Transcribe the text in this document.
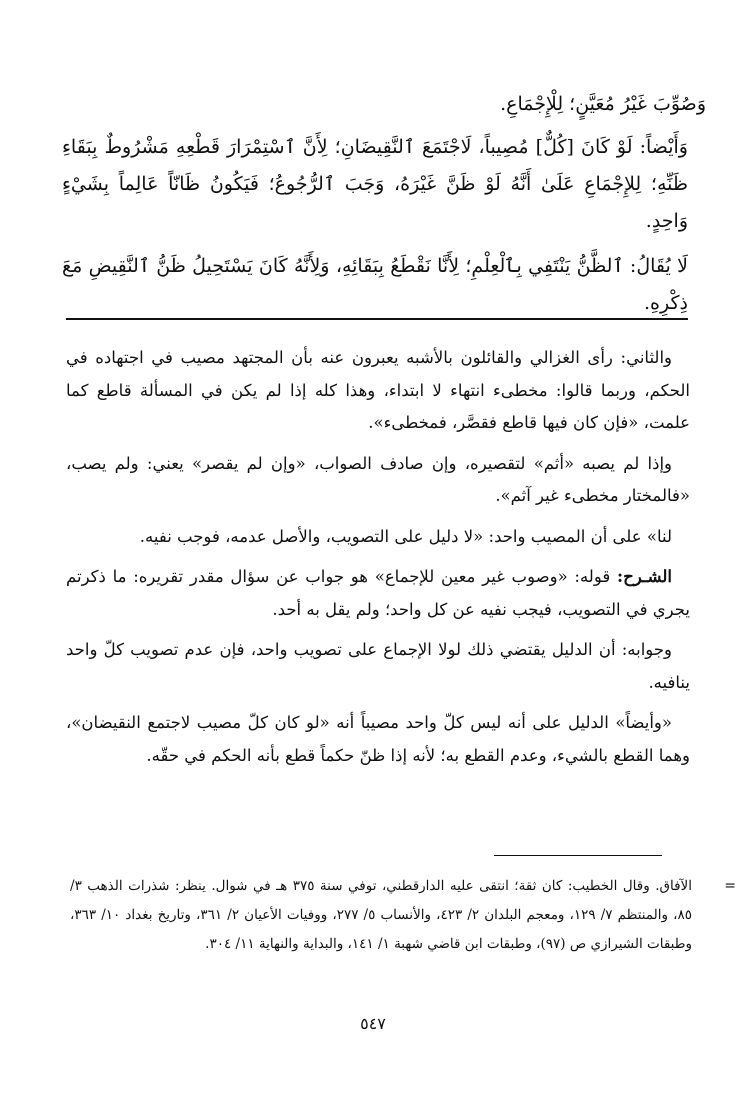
وَصُوِّبَ غَيْرُ مُعَيَّنٍ؛ لِلْإِجْمَاعِ.

وَأَيْضاً: لَوْ كَانَ [كُلٌّ] مُصِيباً، لَاجْتَمَعَ ٱلنَّقِيضَانِ؛ لِأَنَّ ٱسْتِمْرَارَ قَطْعِهِ مَشْرُوطٌ بِبَقَاءِ ظَنِّهِ؛ لِلإِجْمَاعِ عَلَىٰ أَنَّهُ لَوْ ظَنَّ غَيْرَهُ، وَجَبَ ٱلرُّجُوعُ؛ فَيَكُونُ ظَانّاً عَالِماً بِشَيْءٍ وَاحِدٍ.

لَا يُقَالُ: ٱلظَّنُّ يَنْتَفِي بِٱلْعِلْمِ؛ لِأَنَّا نَقْطَعُ بِبَقَائِهِ، وَلِأَنَّهُ كَانَ يَسْتَحِيلُ ظَنُّ ٱلنَّقِيضِ مَعَ ذِكْرِهِ.

والثاني: رأى الغزالي والقائلون بالأشبه يعبرون عنه بأن المجتهد مصيب في اجتهاده في الحكم، وربما قالوا: مخطىء انتهاء لا ابتداء، وهذا كله إذا لم يكن في المسألة قاطع كما علمت، «فإن كان فيها قاطع فقصَّر، فمخطىء».

وإذا لم يصبه «أثم» لتقصيره، وإن صادف الصواب، «وإن لم يقصر» يعني: ولم يصب، «فالمختار مخطىء غير آثم».

لنا» على أن المصيب واحد: «لا دليل على التصويب، والأصل عدمه، فوجب نفيه.

الشـرح: قوله: «وصوب غير معين للإجماع» هو جواب عن سؤال مقدر تقريره: ما ذكرتم يجري في التصويب، فيجب نفيه عن كل واحد؛ ولم يقل به أحد.

وجوابه: أن الدليل يقتضي ذلك لولا الإجماع على تصويب واحد، فإن عدم تصويب كلّ واحد ينافيه.

«وأيضاً» الدليل على أنه ليس كلّ واحد مصيباً أنه «لو كان كلّ مصيب لاجتمع النقيضان»، وهما القطع بالشيء، وعدم القطع به؛ لأنه إذا ظنّ حكماً قطع بأنه الحكم في حقّه.

=

الآفاق. وقال الخطيب: كان ثقة؛ انتقى عليه الدارقطني، توفي سنة ٣٧٥ هـ في شوال. ينظر: شذرات الذهب ٣/ ٨٥، والمنتظم ٧/ ١٢٩، ومعجم البلدان ٢/ ٤٢٣، والأنساب ٥/ ٢٧٧، ووفيات الأعيان ٢/ ٣٦١، وتاريخ بغداد ١٠/ ٣٦٣، وطبقات الشيرازي ص (٩٧)، وطبقات ابن قاضي شهبة ١/ ١٤١، والبداية والنهاية ١١/ ٣٠٤.

٥٤٧
